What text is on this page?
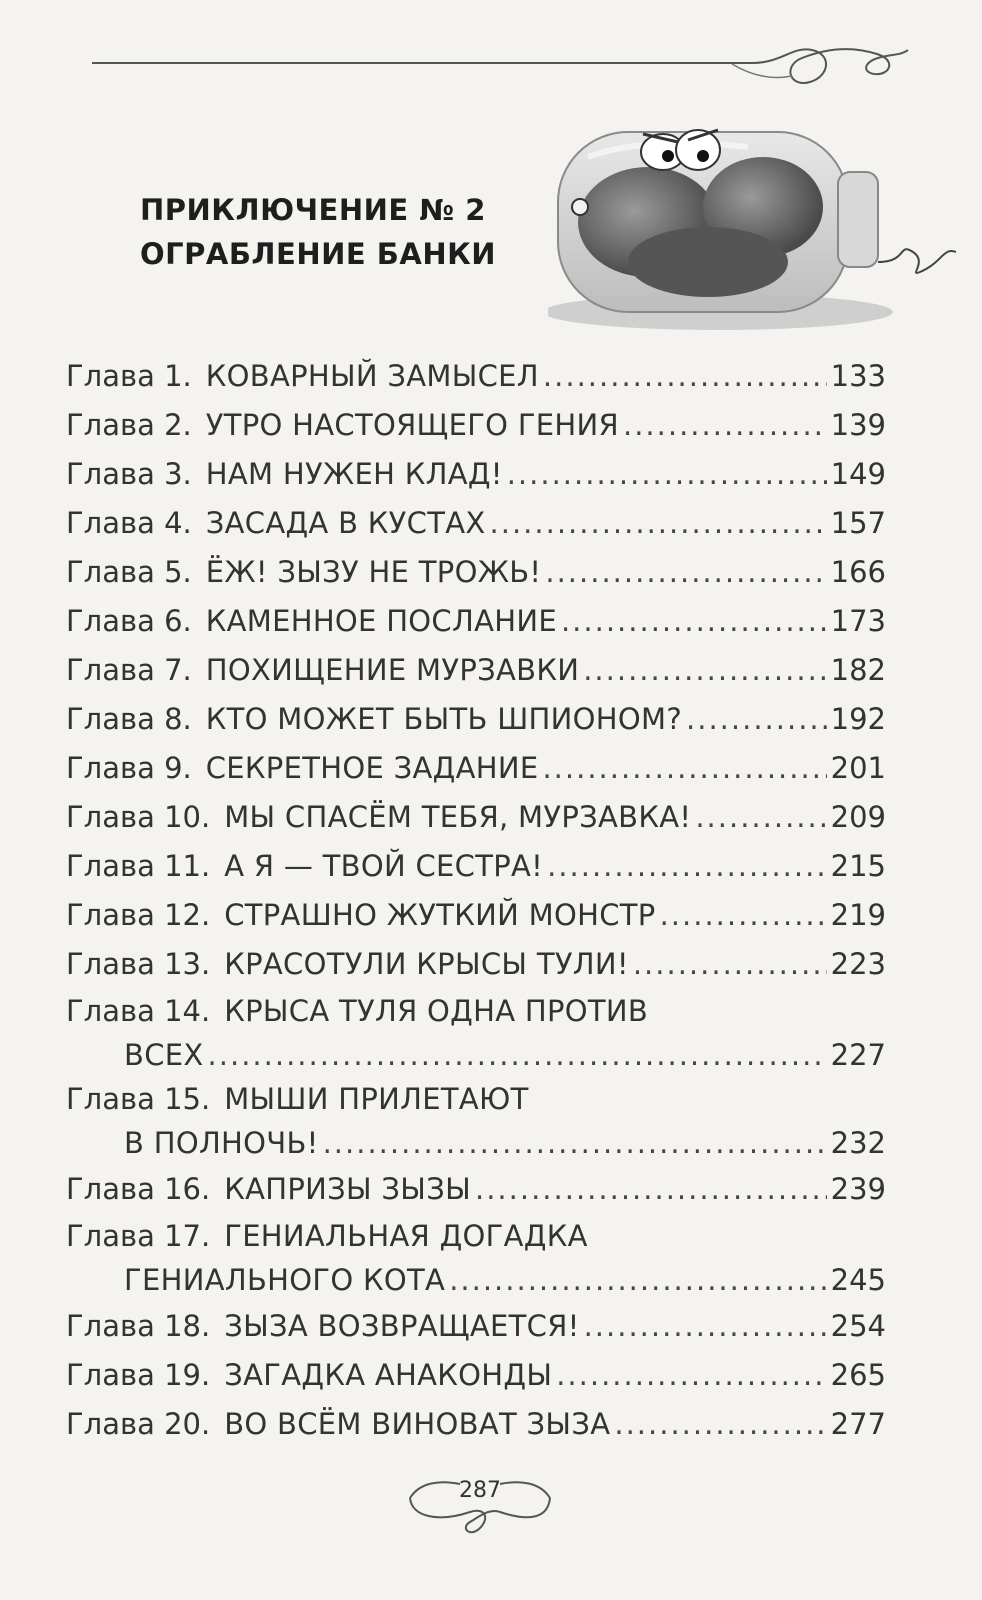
ПРИКЛЮЧЕНИЕ № 2
ОГРАБЛЕНИЕ БАНКИ
Глава 1. КОВАРНЫЙ ЗАМЫСЕЛ .....	133
Глава 2. УТРО НАСТОЯЩЕГО ГЕНИЯ .....	139
Глава 3. НАМ НУЖЕН КЛАД! .....	149
Глава 4. ЗАСАДА В КУСТАХ .....	157
Глава 5. ЁЖ! ЗЫЗУ НЕ ТРОЖЬ! .....	166
Глава 6. КАМЕННОЕ ПОСЛАНИЕ .....	173
Глава 7. ПОХИЩЕНИЕ МУРЗАВКИ .....	182
Глава 8. КТО МОЖЕТ БЫТЬ ШПИОНОМ? .....	192
Глава 9. СЕКРЕТНОЕ ЗАДАНИЕ .....	201
Глава 10. МЫ СПАСЁМ ТЕБЯ, МУРЗАВКА! .....	209
Глава 11. А Я — ТВОЙ СЕСТРА! .....	215
Глава 12. СТРАШНО ЖУТКИЙ МОНСТР .....	219
Глава 13. КРАСОТУЛИ КРЫСЫ ТУЛИ! .....	223
Глава 14. КРЫСА ТУЛЯ ОДНА ПРОТИВ
ВСЕХ .....	227
Глава 15. МЫШИ ПРИЛЕТАЮТ
В ПОЛНОЧЬ! .....	232
Глава 16. КАПРИЗЫ ЗЫЗЫ .....	239
Глава 17. ГЕНИАЛЬНАЯ ДОГАДКА
ГЕНИАЛЬНОГО КОТА .....	245
Глава 18. ЗЫЗА ВОЗВРАЩАЕТСЯ! .....	254
Глава 19. ЗАГАДКА АНАКОНДЫ .....	265
Глава 20. ВО ВСЁМ ВИНОВАТ ЗЫЗА .....	277
287
